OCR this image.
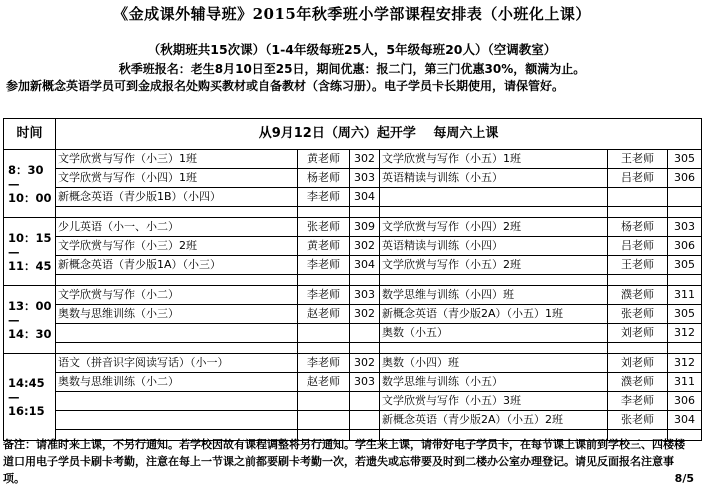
《金成课外辅导班》2015年秋季班小学部课程安排表（小班化上课）
（秋期班共15次课）（1-4年级每班25人，5年级每班20人）（空调教室）
秋季班报名：老生8月10日至25日，期间优惠：报二门，第三门优惠30%，额满为止。
参加新概念英语学员可到金成报名处购买教材或自备教材（含练习册）。电子学员卡长期使用，请保管好。
时间	从9月12日（周六）起开学　 每周六上课					
8：30
—
10：00	文学欣赏与写作（小三）1班	黄老师	302	文学欣赏与写作（小五）1班	王老师	305
	文学欣赏与写作（小四）1班	杨老师	303	英语精读与训练（小五）	吕老师	306
	新概念英语（青少版1B）（小四）	李老师	304			

10：15
—
11：45	少儿英语（小一、小二）	张老师	309	文学欣赏与写作（小四）2班	杨老师	303
	文学欣赏与写作（小三）2班	黄老师	302	英语精读与训练（小四）	吕老师	306
	新概念英语（青少版1A）（小三）	李老师	304	文学欣赏与写作（小五）2班	王老师	305

13：00
—
14：30	文学欣赏与写作（小二）	李老师	303	数学思维与训练（小四）班	濮老师	311
	奥数与思维训练（小三）	赵老师	302	新概念英语（青少版2A）（小五）1班	张老师	305
				奥数（小五）	刘老师	312

14:45
—
16:15	语文（拼音识字阅读写话）（小一）	李老师	302	奥数（小四）班	刘老师	312
	奥数与思维训练（小二）	赵老师	303	数学思维与训练（小五）	濮老师	311
				文学欣赏与写作（小五）3班	李老师	306
				新概念英语（青少版2A）（小五）2班	张老师	304

备注：请准时来上课，不另行通知。若学校因故有课程调整将另行通知。学生来上课，请带好电子学员卡，在每节课上课前到学校三、四楼楼道口用电子学员卡刷卡考勤，注意在每上一节课之前都要刷卡考勤一次，若遗失或忘带要及时到二楼办公室办理登记。请见反面报名注意事项。	8/5
